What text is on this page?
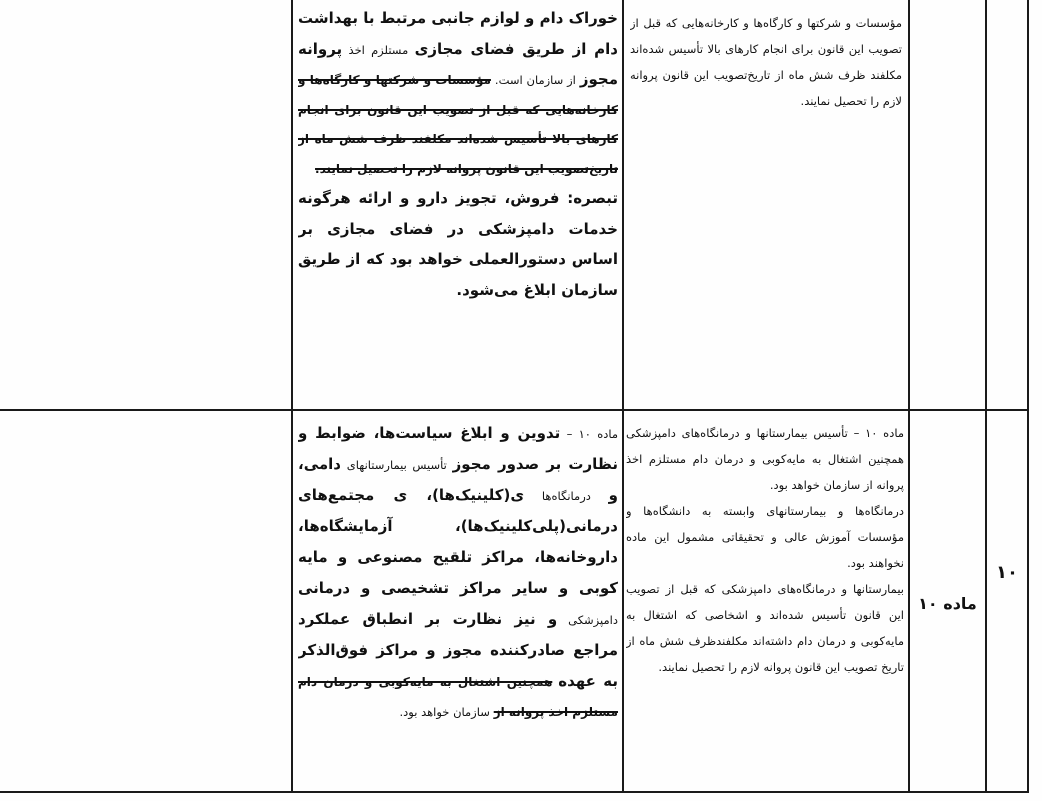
مؤسسات و شرکتها و کارگاه‌ها و کارخانه‌هایی که قبل از تصویب این قانون برای انجام کارهای بالا تأسیس شده‌اند مکلفند ظرف شش ماه از تاریخ‌تصویب این قانون پروانه لازم را تحصیل نمایند.
خوراک دام و لوازم جانبی مرتبط با بهداشت دام از طریق فضای مجازی مستلزم اخذ پروانه مجوز از سازمان است. مؤسسات و شرکتها و کارگاه‌ها و کارخانه‌هایی که قبل از تصویب این قانون برای انجام کارهای بالا تأسیس شده‌اند مکلفند ظرف شش ماه از تاریخ‌تصویب این قانون پروانه لازم را تحصیل نمایند.
تبصره: فروش، تجویز دارو و ارائه هرگونه خدمات دامپزشکی در فضای مجازی بر اساس دستورالعملی خواهد بود که از طریق سازمان ابلاغ می‌شود.
ماده ۱۰ – تأسیس بیمارستانها و درمانگاه‌های دامپزشکی همچنین اشتغال به مایه‌کوبی و درمان دام مستلزم اخذ پروانه از سازمان خواهد بود.
درمانگاه‌ها و بیمارستانهای وابسته به دانشگاه‌ها و مؤسسات آموزش عالی و تحقیقاتی مشمول این ماده نخواهند بود.
بیمارستانها و درمانگاه‌های دامپزشکی که قبل از تصویب این قانون تأسیس شده‌اند و اشخاصی که اشتغال به مایه‌کوبی و درمان دام داشته‌اند مکلفندظرف شش ماه از تاریخ تصویب این قانون پروانه لازم را تحصیل نمایند.
ماده ۱۰ – تدوین و ابلاغ سیاست‌ها، ضوابط و نظارت بر صدور مجوز تأسیس بیمارستانهای دامی، و درمانگاه‌ها ی(کلینیک‌ها)، ی مجتمع‌های درمانی(پلی‌کلینیک‌ها)، آزمایشگاه‌ها، داروخانه‌ها، مراکز تلقیح مصنوعی و مایه کوبی و سایر مراکز تشخیصی و درمانی دامپزشکی و نیز نظارت بر انطباق عملکرد مراجع صادرکننده مجوز و مراکز فوق‌الذکر به عهده همچنین اشتغال به مایه‌کوبی و درمان دام مستلزم اخذ پروانه از سازمان خواهد بود.
ماده ۱۰
۱۰
